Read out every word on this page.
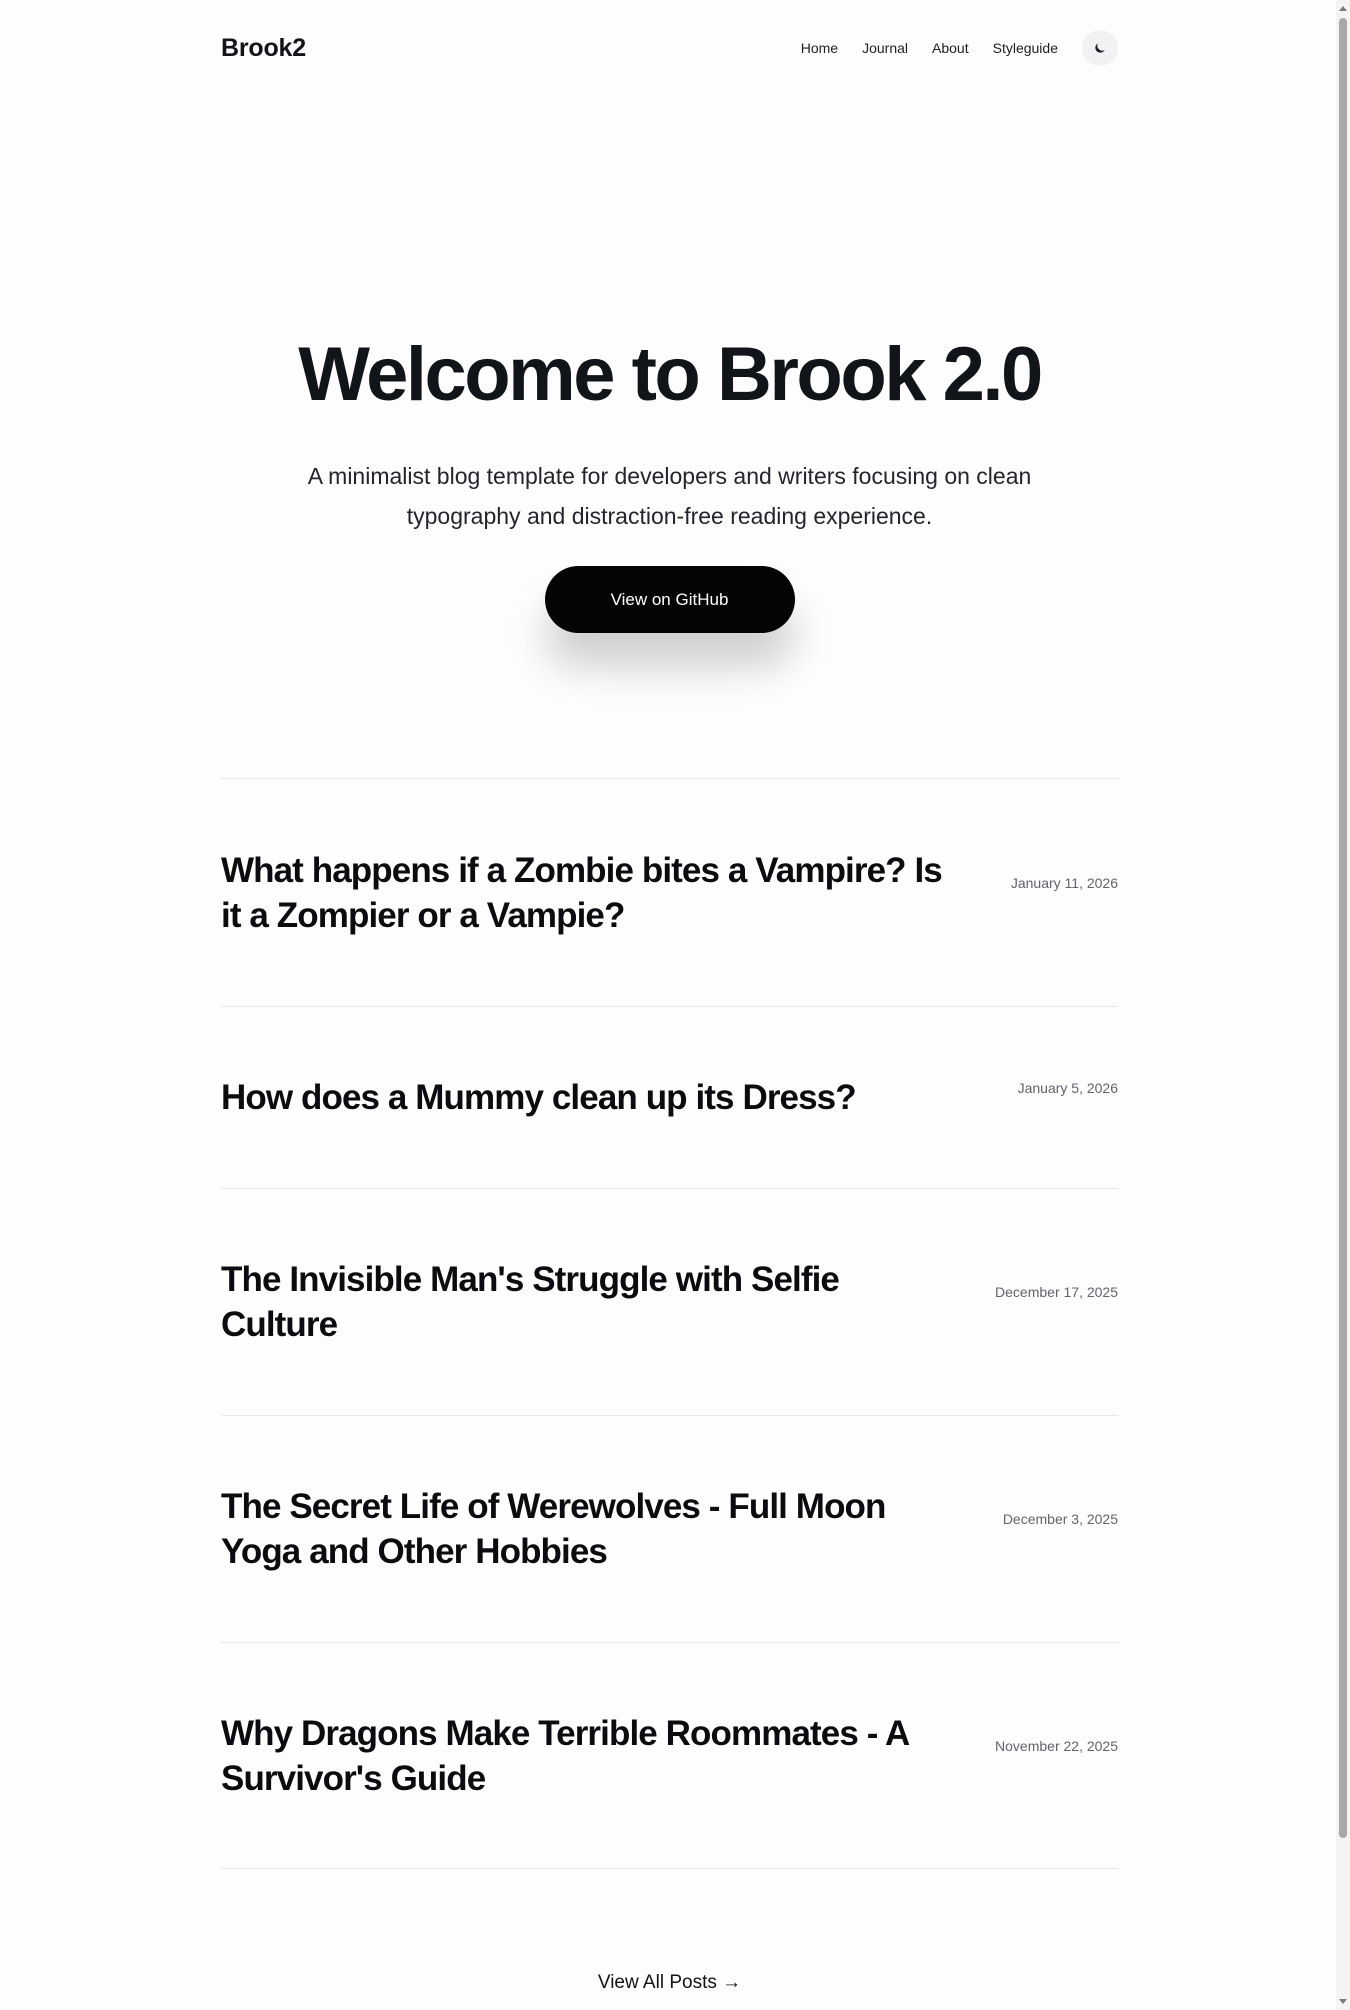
Brook2	Home Journal About Styleguide
Welcome to Brook 2.0

A minimalist blog template for developers and writers focusing on clean typography and distraction-free reading experience.

View on GitHub
What happens if a Zombie bites a Vampire? Is it a Zompier or a Vampie?
January 11, 2026
How does a Mummy clean up its Dress?	January 5, 2026
The Invisible Man's Struggle with Selfie Culture
December 17, 2025
The Secret Life of Werewolves - Full Moon Yoga and Other Hobbies
December 3, 2025
Why Dragons Make Terrible Roommates - A Survivor's Guide
November 22, 2025
View All Posts →
